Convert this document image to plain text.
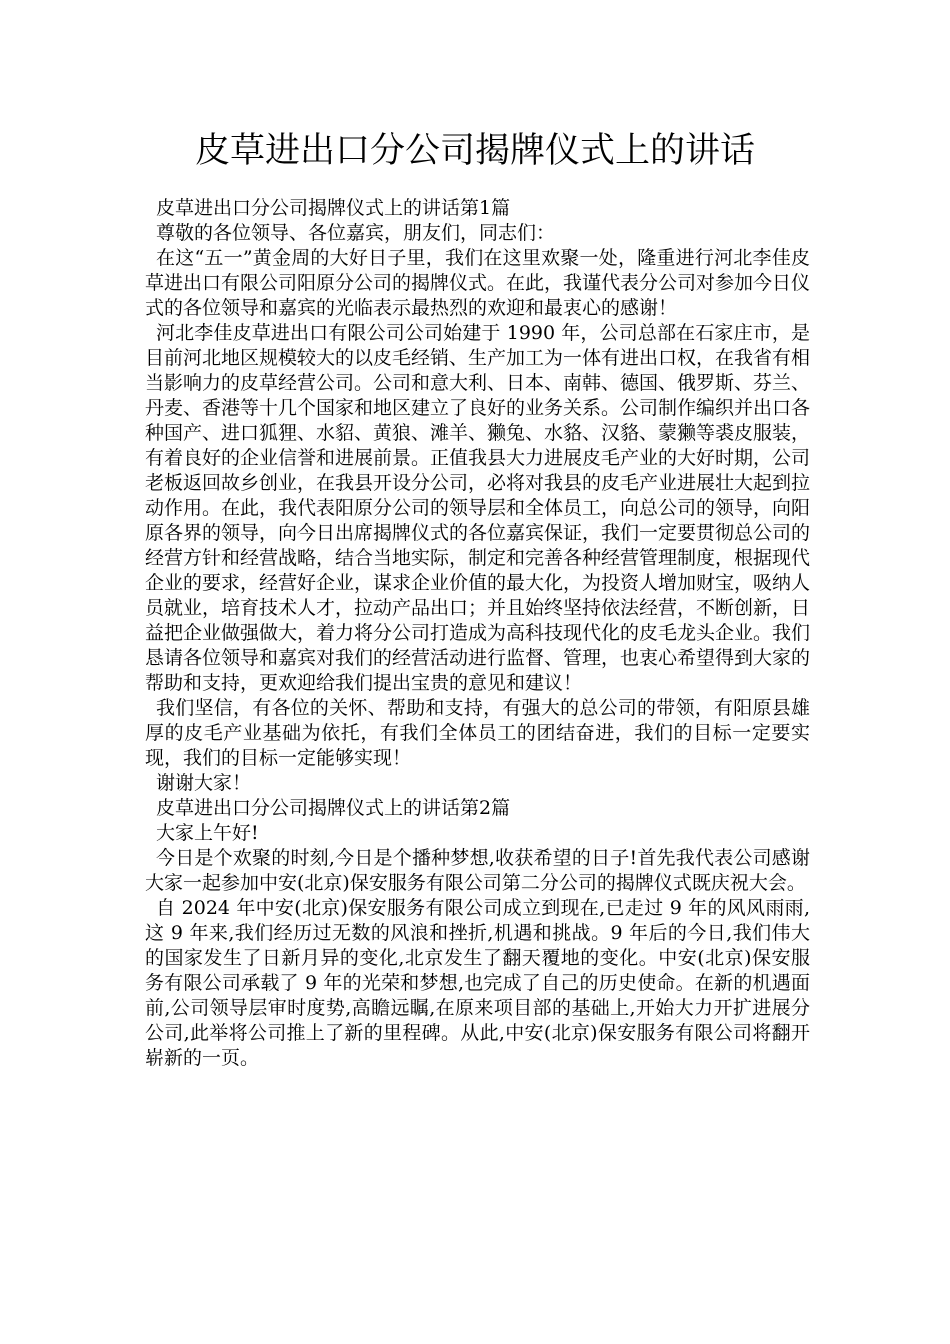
皮草进出口分公司揭牌仪式上的讲话

皮草进出口分公司揭牌仪式上的讲话第1篇

尊敬的各位领导、各位嘉宾，朋友们，同志们：

在这“五一”黄金周的大好日子里，我们在这里欢聚一处，隆重进行河北李佳皮草进出口有限公司阳原分公司的揭牌仪式。在此，我谨代表分公司对参加今日仪式的各位领导和嘉宾的光临表示最热烈的欢迎和最衷心的感谢！

河北李佳皮草进出口有限公司公司始建于 1990 年，公司总部在石家庄市，是目前河北地区规模较大的以皮毛经销、生产加工为一体有进出口权，在我省有相当影响力的皮草经营公司。公司和意大利、日本、南韩、德国、俄罗斯、芬兰、丹麦、香港等十几个国家和地区建立了良好的业务关系。公司制作编织并出口各种国产、进口狐狸、水貂、黄狼、滩羊、獭兔、水貉、汉貉、蒙獭等裘皮服装，有着良好的企业信誉和进展前景。正值我县大力进展皮毛产业的大好时期，公司老板返回故乡创业，在我县开设分公司，必将对我县的皮毛产业进展壮大起到拉动作用。在此，我代表阳原分公司的领导层和全体员工，向总公司的领导，向阳原各界的领导，向今日出席揭牌仪式的各位嘉宾保证，我们一定要贯彻总公司的经营方针和经营战略，结合当地实际，制定和完善各种经营管理制度，根据现代企业的要求，经营好企业，谋求企业价值的最大化，为投资人增加财宝，吸纳人员就业，培育技术人才，拉动产品出口；并且始终坚持依法经营，不断创新，日益把企业做强做大，着力将分公司打造成为高科技现代化的皮毛龙头企业。我们恳请各位领导和嘉宾对我们的经营活动进行监督、管理，也衷心希望得到大家的帮助和支持，更欢迎给我们提出宝贵的意见和建议！

我们坚信，有各位的关怀、帮助和支持，有强大的总公司的带领，有阳原县雄厚的皮毛产业基础为依托，有我们全体员工的团结奋进，我们的目标一定要实现，我们的目标一定能够实现！

谢谢大家！

皮草进出口分公司揭牌仪式上的讲话第2篇

大家上午好!

今日是个欢聚的时刻,今日是个播种梦想,收获希望的日子!首先我代表公司感谢大家一起参加中安(北京)保安服务有限公司第二分公司的揭牌仪式既庆祝大会。

自 2024 年中安(北京)保安服务有限公司成立到现在,已走过 9 年的风风雨雨,这 9 年来,我们经历过无数的风浪和挫折,机遇和挑战。9 年后的今日,我们伟大的国家发生了日新月异的变化,北京发生了翻天覆地的变化。中安(北京)保安服务有限公司承载了 9 年的光荣和梦想,也完成了自己的历史使命。在新的机遇面前,公司领导层审时度势,高瞻远瞩,在原来项目部的基础上,开始大力开扩进展分公司,此举将公司推上了新的里程碑。从此,中安(北京)保安服务有限公司将翻开崭新的一页。
